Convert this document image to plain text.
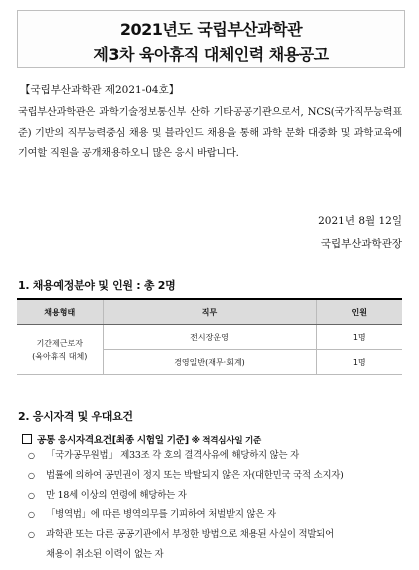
2021년도 국립부산과학관
제3차 육아휴직 대체인력 채용공고
【국립부산과학관 제2021-04호】
국립부산과학관은 과학기술정보통신부 산하 기타공공기관으로서, NCS(국가직무능력표준) 기반의 직무능력중심 채용 및 블라인드 채용을 통해 과학 문화 대중화 및 과학교육에 기여할 직원을 공개채용하오니 많은 응시 바랍니다.
2021년 8월 12일
국립부산과학관장
1. 채용예정분야 및 인원 : 총 2명
채용형태	직무	인원

기간제근로자
(육아휴직 대체)	전시장운영	1명
	경영일반(재무·회계)	1명
2. 응시자격 및 우대요건
공통 응시자격요건[최종 시험일 기준] ※ 적격심사일 기준
○ 「국가공무원법」 제33조 각 호의 결격사유에 해당하지 않는 자
○ 법률에 의하여 공민권이 정지 또는 박탈되지 않은 자(대한민국 국적 소지자)
○ 만 18세 이상의 연령에 해당하는 자
○ 「병역법」에 따른 병역의무를 기피하여 처벌받지 않은 자
○ 과학관 또는 다른 공공기관에서 부정한 방법으로 채용된 사실이 적발되어
채용이 취소된 이력이 없는 자
